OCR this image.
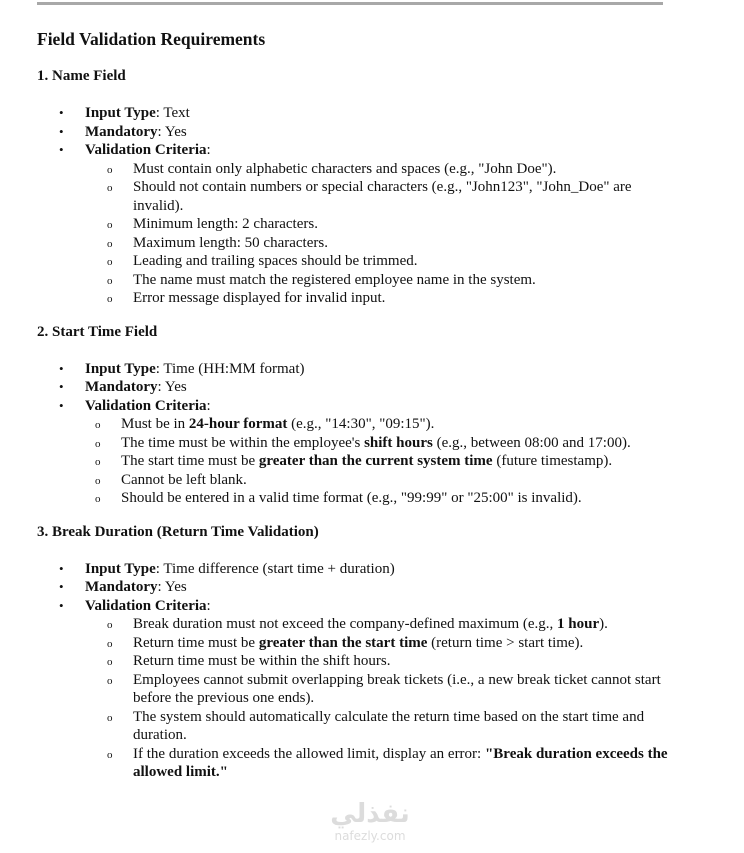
Field Validation Requirements
1. Name Field
• Input Type: Text
• Mandatory: Yes
• Validation Criteria:
o Must contain only alphabetic characters and spaces (e.g., "John Doe").
o Should not contain numbers or special characters (e.g., "John123", "John_Doe" are invalid).
o Minimum length: 2 characters.
o Maximum length: 50 characters.
o Leading and trailing spaces should be trimmed.
o The name must match the registered employee name in the system.
o Error message displayed for invalid input.
2. Start Time Field
• Input Type: Time (HH:MM format)
• Mandatory: Yes
• Validation Criteria:
o Must be in 24-hour format (e.g., "14:30", "09:15").
o The time must be within the employee's shift hours (e.g., between 08:00 and 17:00).
o The start time must be greater than the current system time (future timestamp).
o Cannot be left blank.
o Should be entered in a valid time format (e.g., "99:99" or "25:00" is invalid).
3. Break Duration (Return Time Validation)
• Input Type: Time difference (start time + duration)
• Mandatory: Yes
• Validation Criteria:
o Break duration must not exceed the company-defined maximum (e.g., 1 hour).
o Return time must be greater than the start time (return time > start time).
o Return time must be within the shift hours.
o Employees cannot submit overlapping break tickets (i.e., a new break ticket cannot start before the previous one ends).
o The system should automatically calculate the return time based on the start time and duration.
o If the duration exceeds the allowed limit, display an error: "Break duration exceeds the allowed limit."
نفذلي
nafezly.com
